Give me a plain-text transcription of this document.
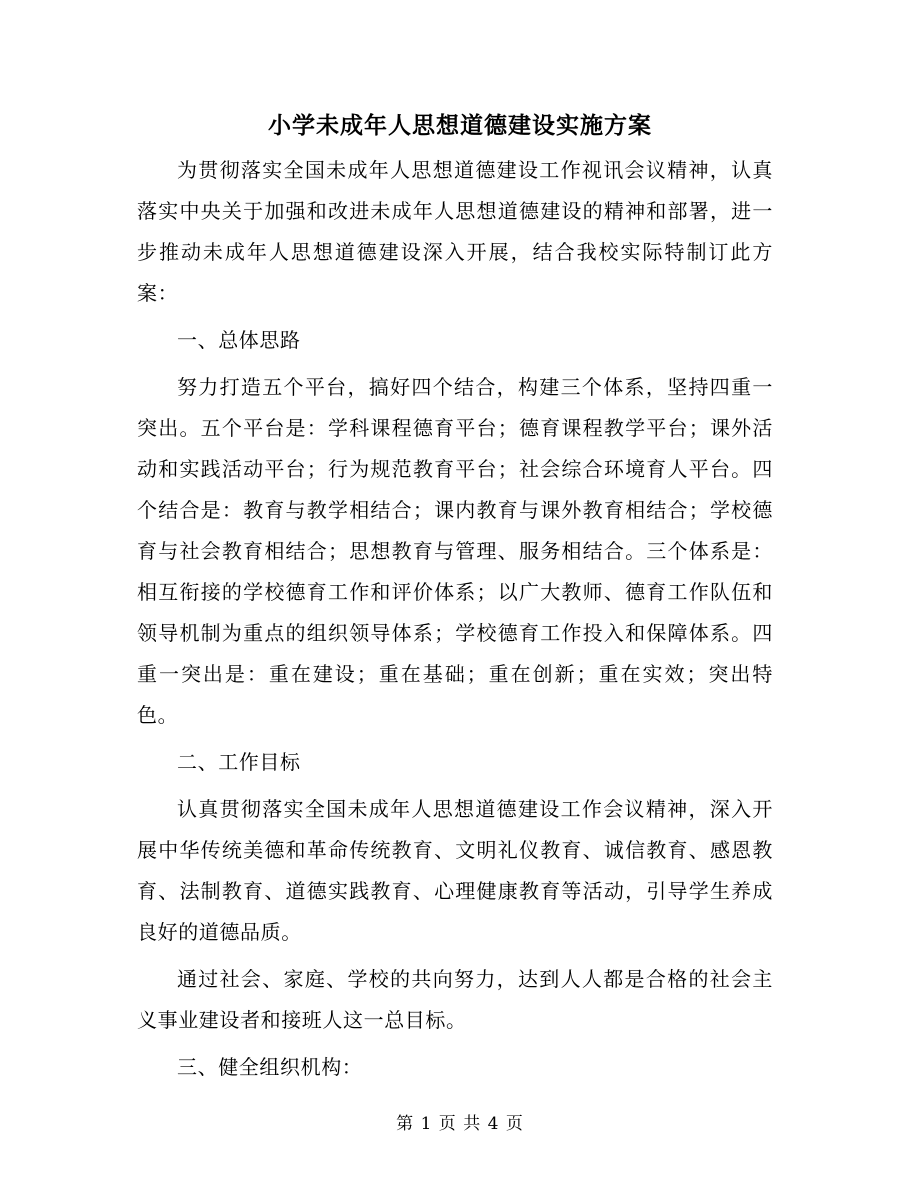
小学未成年人思想道德建设实施方案

为贯彻落实全国未成年人思想道德建设工作视讯会议精神，认真落实中央关于加强和改进未成年人思想道德建设的精神和部署，进一步推动未成年人思想道德建设深入开展，结合我校实际特制订此方案：

一、总体思路

努力打造五个平台，搞好四个结合，构建三个体系，坚持四重一突出。五个平台是：学科课程德育平台；德育课程教学平台；课外活动和实践活动平台；行为规范教育平台；社会综合环境育人平台。四个结合是：教育与教学相结合；课内教育与课外教育相结合；学校德育与社会教育相结合；思想教育与管理、服务相结合。三个体系是：相互衔接的学校德育工作和评价体系；以广大教师、德育工作队伍和领导机制为重点的组织领导体系；学校德育工作投入和保障体系。四重一突出是：重在建设；重在基础；重在创新；重在实效；突出特色。

二、工作目标

认真贯彻落实全国未成年人思想道德建设工作会议精神，深入开展中华传统美德和革命传统教育、文明礼仪教育、诚信教育、感恩教育、法制教育、道德实践教育、心理健康教育等活动，引导学生养成良好的道德品质。

通过社会、家庭、学校的共向努力，达到人人都是合格的社会主义事业建设者和接班人这一总目标。

三、健全组织机构：

第 1 页 共 4 页
